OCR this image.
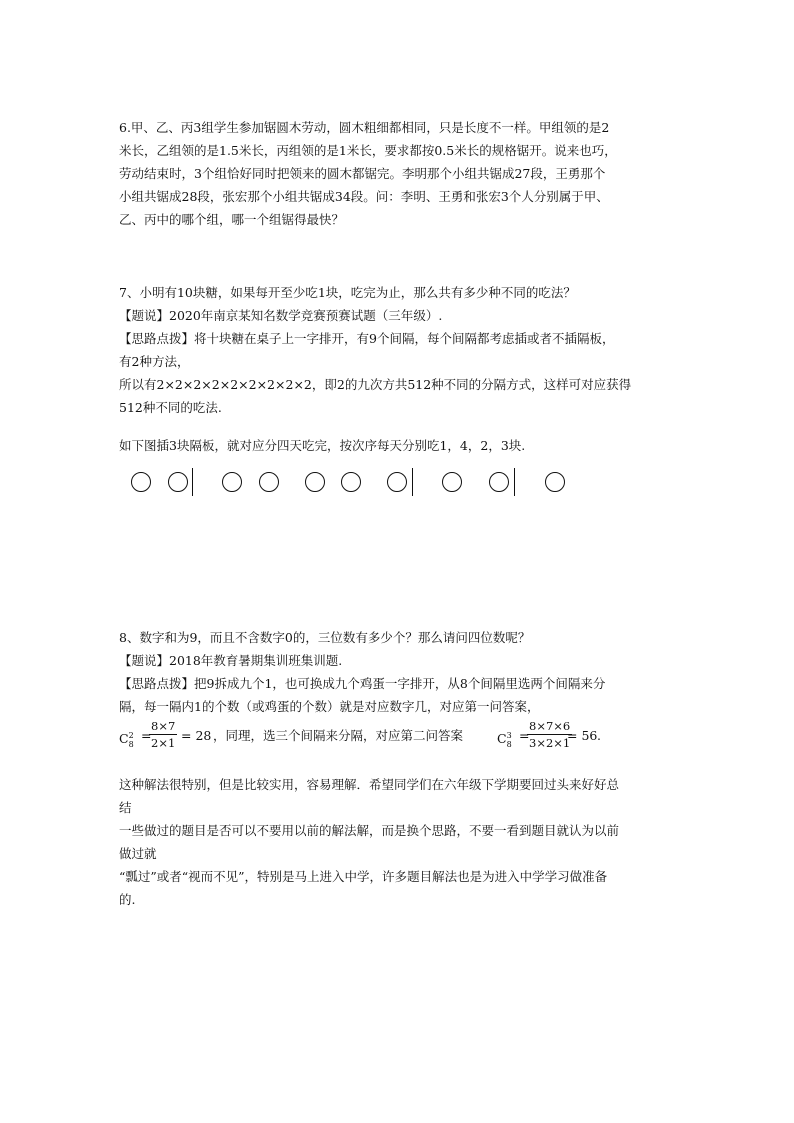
6.甲、乙、丙3组学生参加锯圆木劳动，圆木粗细都相同，只是长度不一样。甲组领的是2
米长，乙组领的是1.5米长，丙组领的是1米长，要求都按0.5米长的规格锯开。说来也巧，
劳动结束时，3个组恰好同时把领来的圆木都锯完。李明那个小组共锯成27段，王勇那个
小组共锯成28段，张宏那个小组共锯成34段。问：李明、王勇和张宏3个人分别属于甲、
乙、丙中的哪个组，哪一个组锯得最快？
7、小明有10块糖，如果每开至少吃1块，吃完为止，那么共有多少种不同的吃法？
【题说】2020年南京某知名数学竞赛预赛试题（三年级）.
【思路点拨】将十块糖在桌子上一字排开，有9个间隔，每个间隔都考虑插或者不插隔板，
有2种方法，
所以有2×2×2×2×2×2×2×2×2，即2的九次方共512种不同的分隔方式，这样可对应获得
512种不同的吃法.
如下图插3块隔板，就对应分四天吃完，按次序每天分别吃1，4，2，3块.
8、数字和为9，而且不含数字0的，三位数有多少个？那么请问四位数呢？
【题说】2018年教育暑期集训班集训题.
【思路点拨】把9拆成九个1，也可换成九个鸡蛋一字排开，从8个间隔里选两个间隔来分
隔，每一隔内1的个数（或鸡蛋的个数）就是对应数字几，对应第一问答案，
$C^2_8$
=
8×7
2×1 = 28 ，同理，选三个间隔来分隔，对应第二问答案	$C^3_8$
=
8×7×6
3×2×1
= 56 .
这种解法很特别，但是比较实用，容易理解．希望同学们在六年级下学期要回过头来好好总
结
一些做过的题目是否可以不要用以前的解法解，而是换个思路，不要一看到题目就认为以前
做过就
“瓢过”或者“视而不见”，特别是马上进入中学，许多题目解法也是为进入中学学习做准备
的.
